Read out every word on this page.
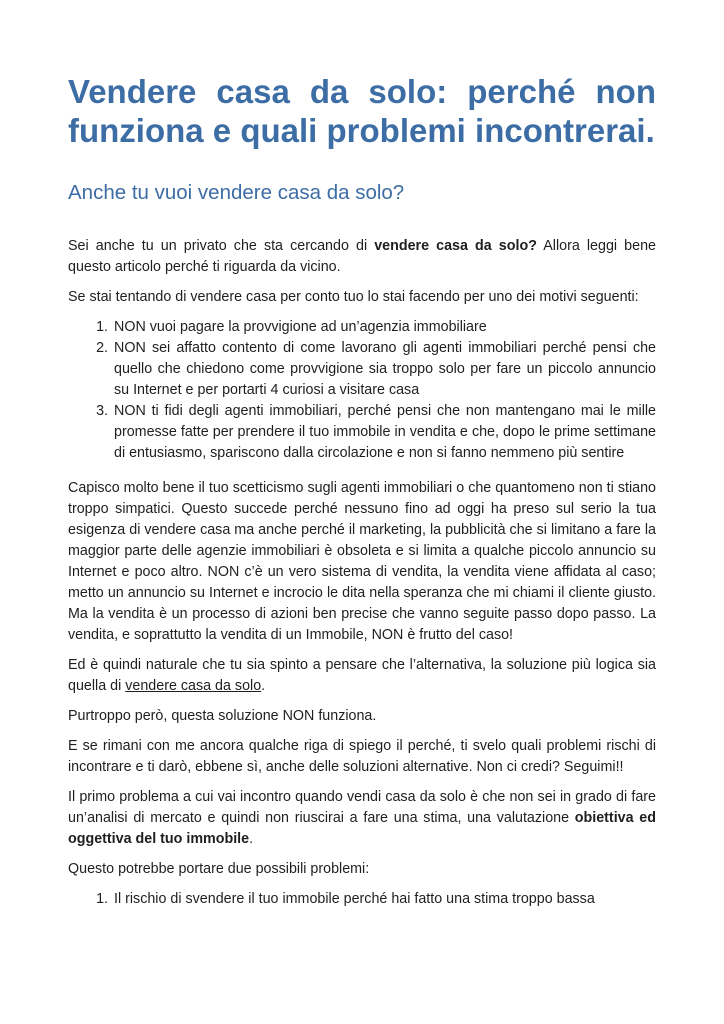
Vendere casa da solo: perché non funziona e quali problemi incontrerai.
Anche tu vuoi vendere casa da solo?

Sei anche tu un privato che sta cercando di vendere casa da solo? Allora leggi bene questo articolo perché ti riguarda da vicino.

Se stai tentando di vendere casa per conto tuo lo stai facendo per uno dei motivi seguenti:

1. NON vuoi pagare la provvigione ad un’agenzia immobiliare
2. NON sei affatto contento di come lavorano gli agenti immobiliari perché pensi che quello che chiedono come provvigione sia troppo solo per fare un piccolo annuncio su Internet e per portarti 4 curiosi a visitare casa
3. NON ti fidi degli agenti immobiliari, perché pensi che non mantengano mai le mille promesse fatte per prendere il tuo immobile in vendita e che, dopo le prime settimane di entusiasmo, spariscono dalla circolazione e non si fanno nemmeno più sentire

Capisco molto bene il tuo scetticismo sugli agenti immobiliari o che quantomeno non ti stiano troppo simpatici. Questo succede perché nessuno fino ad oggi ha preso sul serio la tua esigenza di vendere casa ma anche perché il marketing, la pubblicità che si limitano a fare la maggior parte delle agenzie immobiliari è obsoleta e si limita a qualche piccolo annuncio su Internet e poco altro. NON c’è un vero sistema di vendita, la vendita viene affidata al caso; metto un annuncio su Internet e incrocio le dita nella speranza che mi chiami il cliente giusto. Ma la vendita è un processo di azioni ben precise che vanno seguite passo dopo passo. La vendita, e soprattutto la vendita di un Immobile, NON è frutto del caso!

Ed è quindi naturale che tu sia spinto a pensare che l’alternativa, la soluzione più logica sia quella di vendere casa da solo.

Purtroppo però, questa soluzione NON funziona.

E se rimani con me ancora qualche riga di spiego il perché, ti svelo quali problemi rischi di incontrare e ti darò, ebbene sì, anche delle soluzioni alternative. Non ci credi? Seguimi!!

Il primo problema a cui vai incontro quando vendi casa da solo è che non sei in grado di fare un’analisi di mercato e quindi non riuscirai a fare una stima, una valutazione obiettiva ed oggettiva del tuo immobile.

Questo potrebbe portare due possibili problemi:

1. Il rischio di svendere il tuo immobile perché hai fatto una stima troppo bassa
